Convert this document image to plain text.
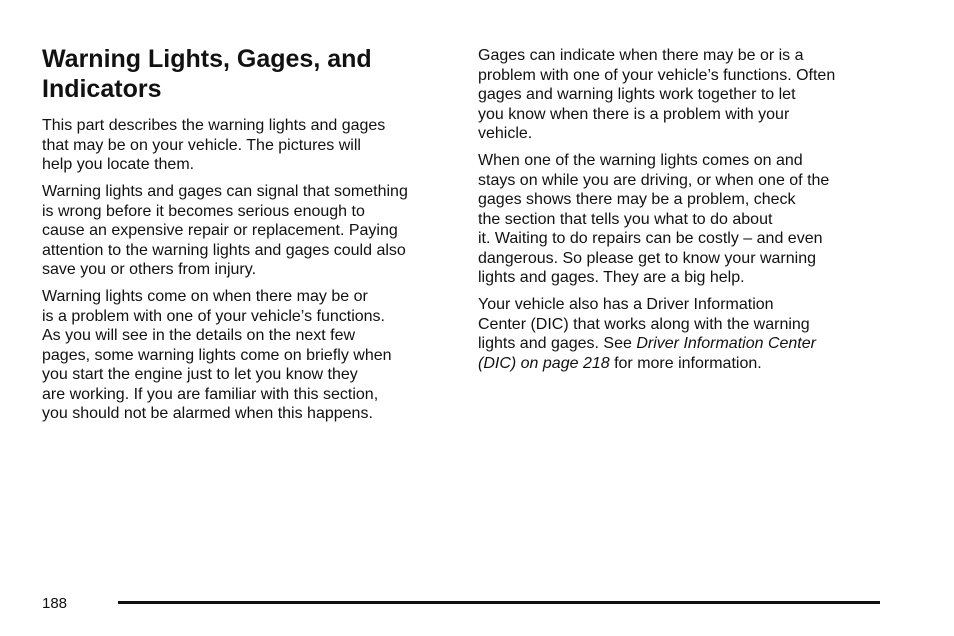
Warning Lights, Gages, and
Indicators

This part describes the warning lights and gages
that may be on your vehicle. The pictures will
help you locate them.

Warning lights and gages can signal that something
is wrong before it becomes serious enough to
cause an expensive repair or replacement. Paying
attention to the warning lights and gages could also
save you or others from injury.

Warning lights come on when there may be or
is a problem with one of your vehicle’s functions.
As you will see in the details on the next few
pages, some warning lights come on briefly when
you start the engine just to let you know they
are working. If you are familiar with this section,
you should not be alarmed when this happens.

Gages can indicate when there may be or is a
problem with one of your vehicle’s functions. Often
gages and warning lights work together to let
you know when there is a problem with your
vehicle.

When one of the warning lights comes on and
stays on while you are driving, or when one of the
gages shows there may be a problem, check
the section that tells you what to do about
it. Waiting to do repairs can be costly – and even
dangerous. So please get to know your warning
lights and gages. They are a big help.

Your vehicle also has a Driver Information
Center (DIC) that works along with the warning
lights and gages. See Driver Information Center
(DIC) on page 218 for more information.

188
